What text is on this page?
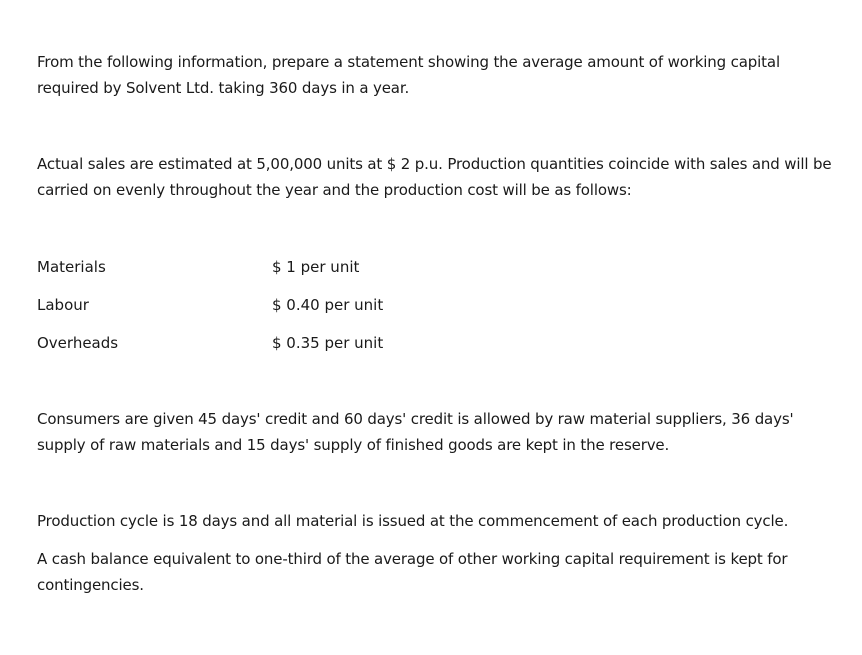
From the following information, prepare a statement showing the average amount of working capital required by Solvent Ltd. taking 360 days in a year.

Actual sales are estimated at 5,00,000 units at $ 2 p.u. Production quantities coincide with sales and will be carried on evenly throughout the year and the production cost will be as follows:

Materials	$ 1 per unit
Labour	$ 0.40 per unit
Overheads	$ 0.35 per unit

Consumers are given 45 days' credit and 60 days' credit is allowed by raw material suppliers, 36 days' supply of raw materials and 15 days' supply of finished goods are kept in the reserve.

Production cycle is 18 days and all material is issued at the commencement of each production cycle.

A cash balance equivalent to one-third of the average of other working capital requirement is kept for contingencies.
